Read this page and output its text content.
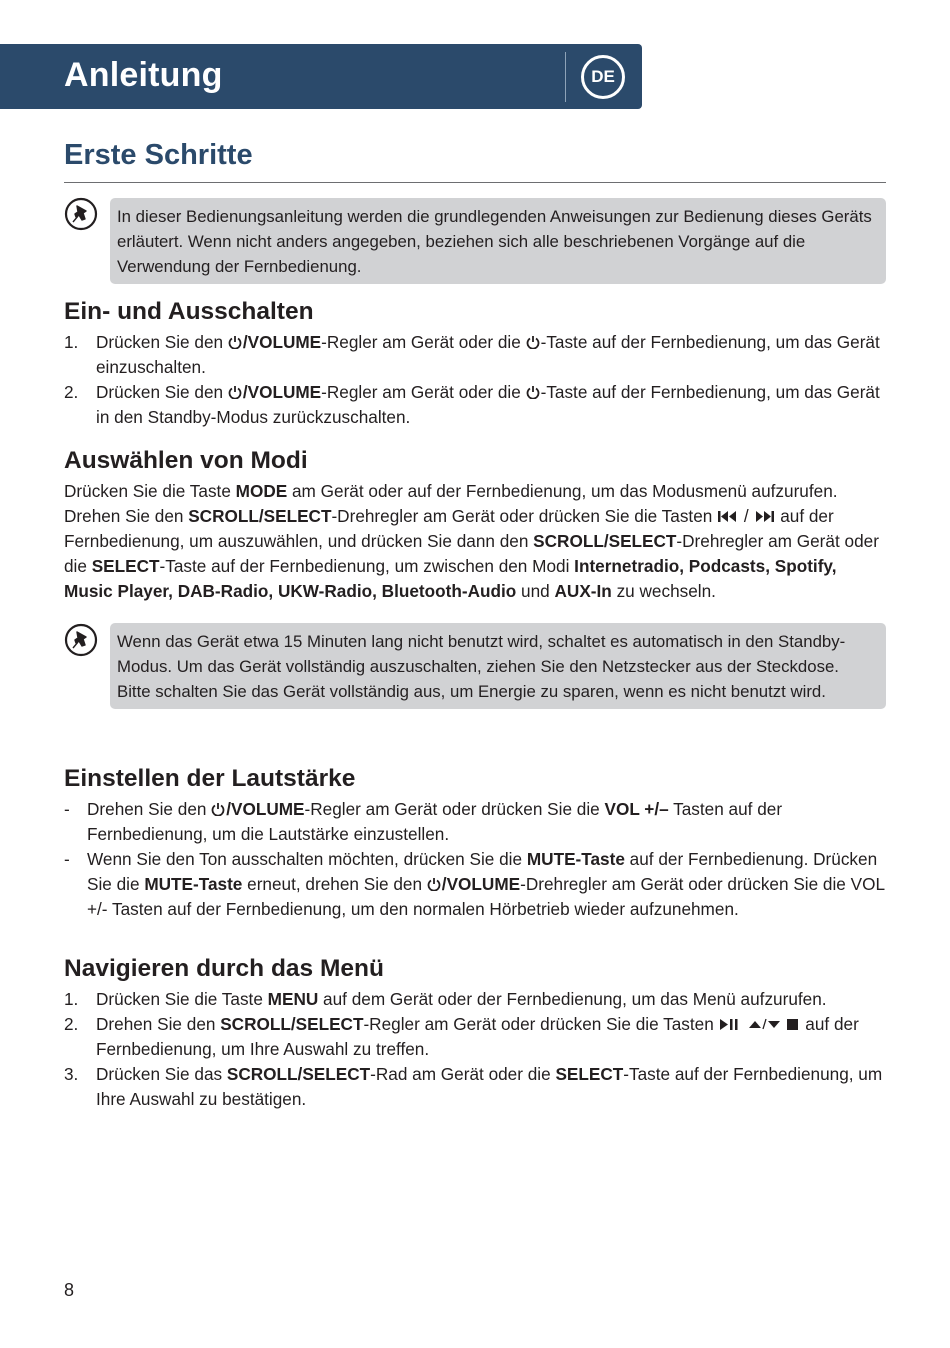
Anleitung	DE
Erste Schritte

In dieser Bedienungsanleitung werden die grundlegenden Anweisungen zur Bedienung dieses Geräts erläutert. Wenn nicht anders angegeben, beziehen sich alle beschriebenen Vorgänge auf die Verwendung der Fernbedienung.

Ein- und Ausschalten
1. Drücken Sie den /VOLUME-Regler am Gerät oder die -Taste auf der Fernbedienung, um das Gerät einzuschalten.
2. Drücken Sie den /VOLUME-Regler am Gerät oder die -Taste auf der Fernbedienung, um das Gerät in den Standby-Modus zurückzuschalten.
Auswählen von Modi
Drücken Sie die Taste MODE am Gerät oder auf der Fernbedienung, um das Modusmenü aufzurufen. Drehen Sie den SCROLL/SELECT-Drehregler am Gerät oder drücken Sie die Tasten  /  auf der Fernbedienung, um auszuwählen, und drücken Sie dann den SCROLL/SELECT-Drehregler am Gerät oder die SELECT-Taste auf der Fernbedienung, um zwischen den Modi Internetradio, Podcasts, Spotify, Music Player, DAB-Radio, UKW-Radio, Bluetooth-Audio und AUX-In zu wechseln.

Wenn das Gerät etwa 15 Minuten lang nicht benutzt wird, schaltet es automatisch in den Standby-Modus. Um das Gerät vollständig auszuschalten, ziehen Sie den Netzstecker aus der Steckdose.

Bitte schalten Sie das Gerät vollständig aus, um Energie zu sparen, wenn es nicht benutzt wird.

Einstellen der Lautstärke
- Drehen Sie den /VOLUME-Regler am Gerät oder drücken Sie die VOL +/– Tasten auf der Fernbedienung, um die Lautstärke einzustellen.
- Wenn Sie den Ton ausschalten möchten, drücken Sie die MUTE-Taste auf der Fernbedienung. Drücken Sie die MUTE-Taste erneut, drehen Sie den /VOLUME-Drehregler am Gerät oder drücken Sie die VOL +/- Tasten auf der Fernbedienung, um den normalen Hörbetrieb wieder aufzunehmen.
Navigieren durch das Menü
1. Drücken Sie die Taste MENU auf dem Gerät oder der Fernbedienung, um das Menü aufzurufen.
2. Drehen Sie den SCROLL/SELECT-Regler am Gerät oder drücken Sie die Tasten	auf der Fernbedienung, um Ihre Auswahl zu treffen.
3. Drücken Sie das SCROLL/SELECT-Rad am Gerät oder die SELECT-Taste auf der Fernbedienung, um Ihre Auswahl zu bestätigen.
8
